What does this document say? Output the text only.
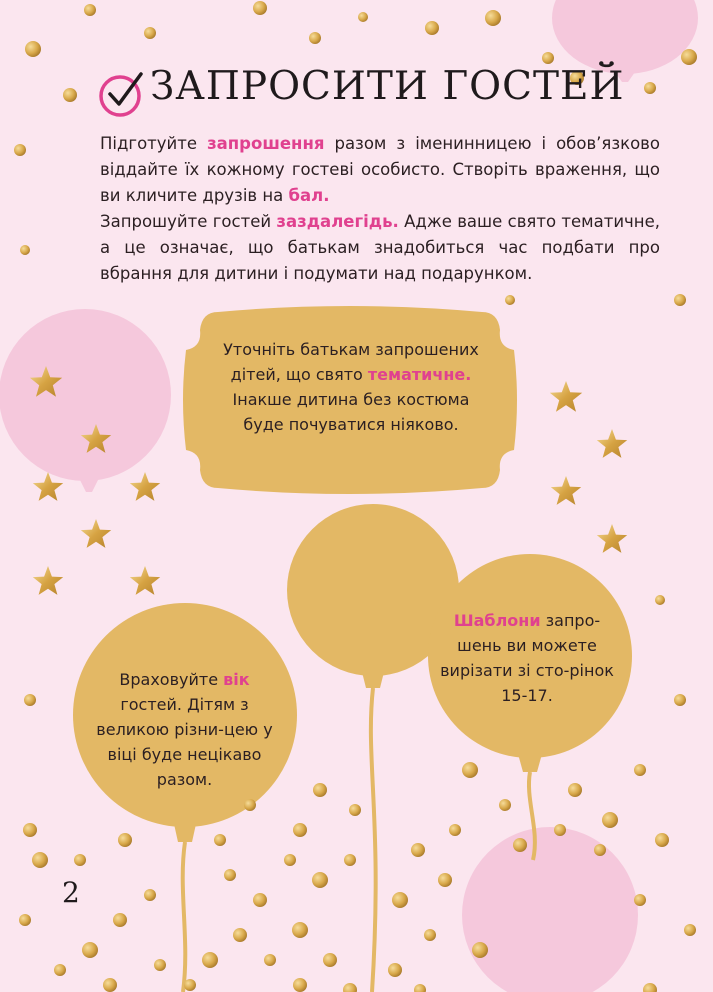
ЗАПРОСИТИ ГОСТЕЙ

Підготуйте запрошення разом з іменинницею і обов’язково віддайте їх кожному гостеві особисто. Створіть враження, що ви кличите друзів на бал.

Запрошуйте гостей заздалегідь. Адже ваше свято тематичне, а це означає, що батькам знадобиться час подбати про вбрання для дитини і подумати над подарунком.

Уточніть батькам запрошених дітей, що свято тематичне. Інакше дитина без костюма буде почуватися ніяково.

Враховуйте вік гостей. Дітям з великою різни-цею у віці буде нецікаво разом.

Шаблони запро-шень ви можете вирізати зі сто-рінок 15-17.

2
